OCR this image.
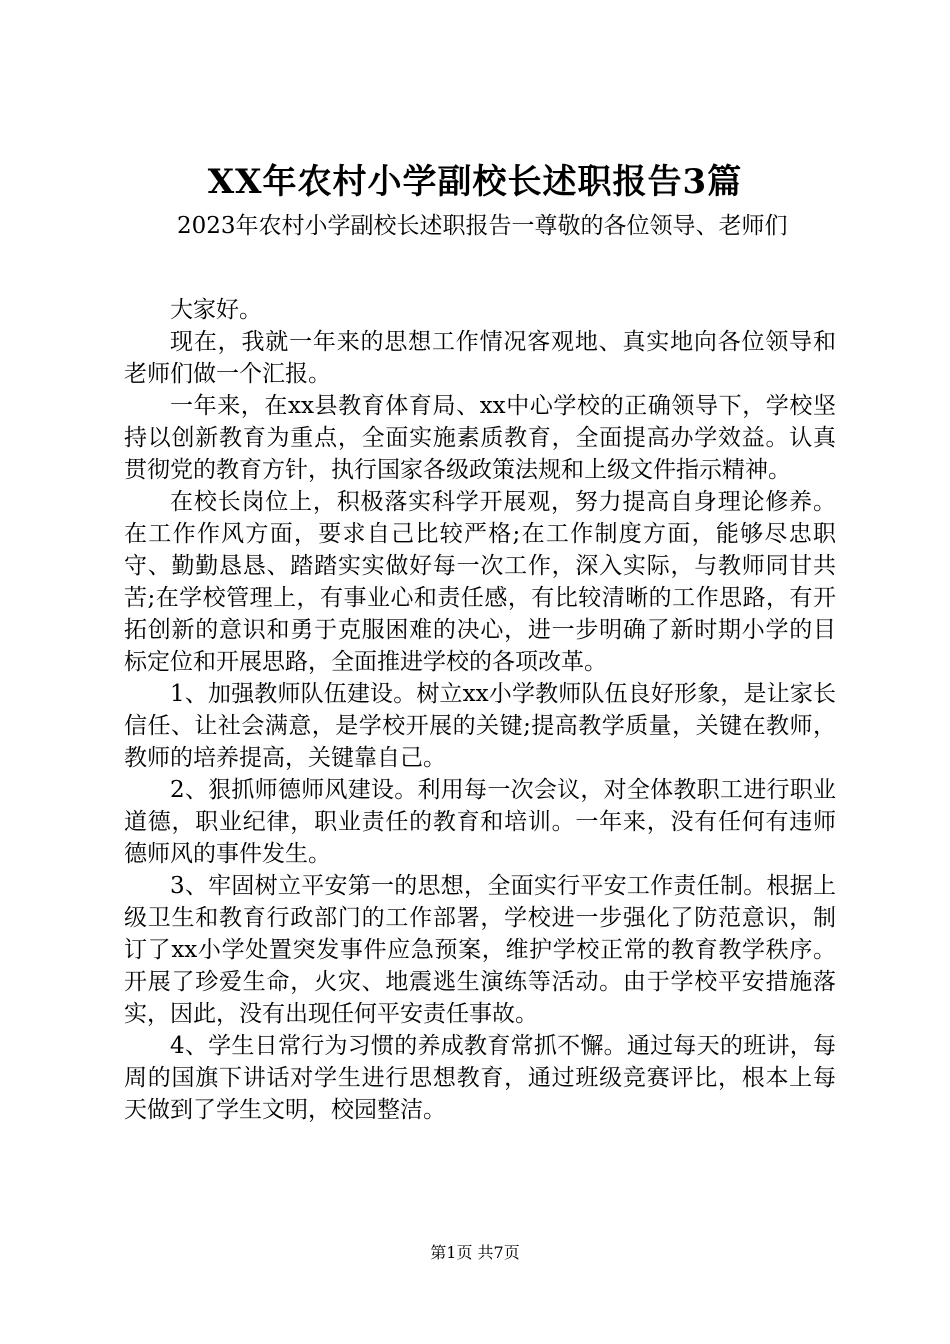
XX年农村小学副校长述职报告3篇
2023年农村小学副校长述职报告一尊敬的各位领导、老师们

大家好。

现在，我就一年来的思想工作情况客观地、真实地向各位领导和老师们做一个汇报。

一年来，在xx县教育体育局、xx中心学校的正确领导下，学校坚持以创新教育为重点，全面实施素质教育，全面提高办学效益。认真贯彻党的教育方针，执行国家各级政策法规和上级文件指示精神。

在校长岗位上，积极落实科学开展观，努力提高自身理论修养。在工作作风方面，要求自己比较严格;在工作制度方面，能够尽忠职守、勤勤恳恳、踏踏实实做好每一次工作，深入实际，与教师同甘共苦;在学校管理上，有事业心和责任感，有比较清晰的工作思路，有开拓创新的意识和勇于克服困难的决心，进一步明确了新时期小学的目标定位和开展思路，全面推进学校的各项改革。

1、加强教师队伍建设。树立xx小学教师队伍良好形象，是让家长信任、让社会满意，是学校开展的关键;提高教学质量，关键在教师，教师的培养提高，关键靠自己。

2、狠抓师德师风建设。利用每一次会议，对全体教职工进行职业道德，职业纪律，职业责任的教育和培训。一年来，没有任何有违师德师风的事件发生。

3、牢固树立平安第一的思想，全面实行平安工作责任制。根据上级卫生和教育行政部门的工作部署，学校进一步强化了防范意识，制订了xx小学处置突发事件应急预案，维护学校正常的教育教学秩序。开展了珍爱生命，火灾、地震逃生演练等活动。由于学校平安措施落实，因此，没有出现任何平安责任事故。

4、学生日常行为习惯的养成教育常抓不懈。通过每天的班讲，每周的国旗下讲话对学生进行思想教育，通过班级竞赛评比，根本上每天做到了学生文明，校园整洁。

第1页 共7页
